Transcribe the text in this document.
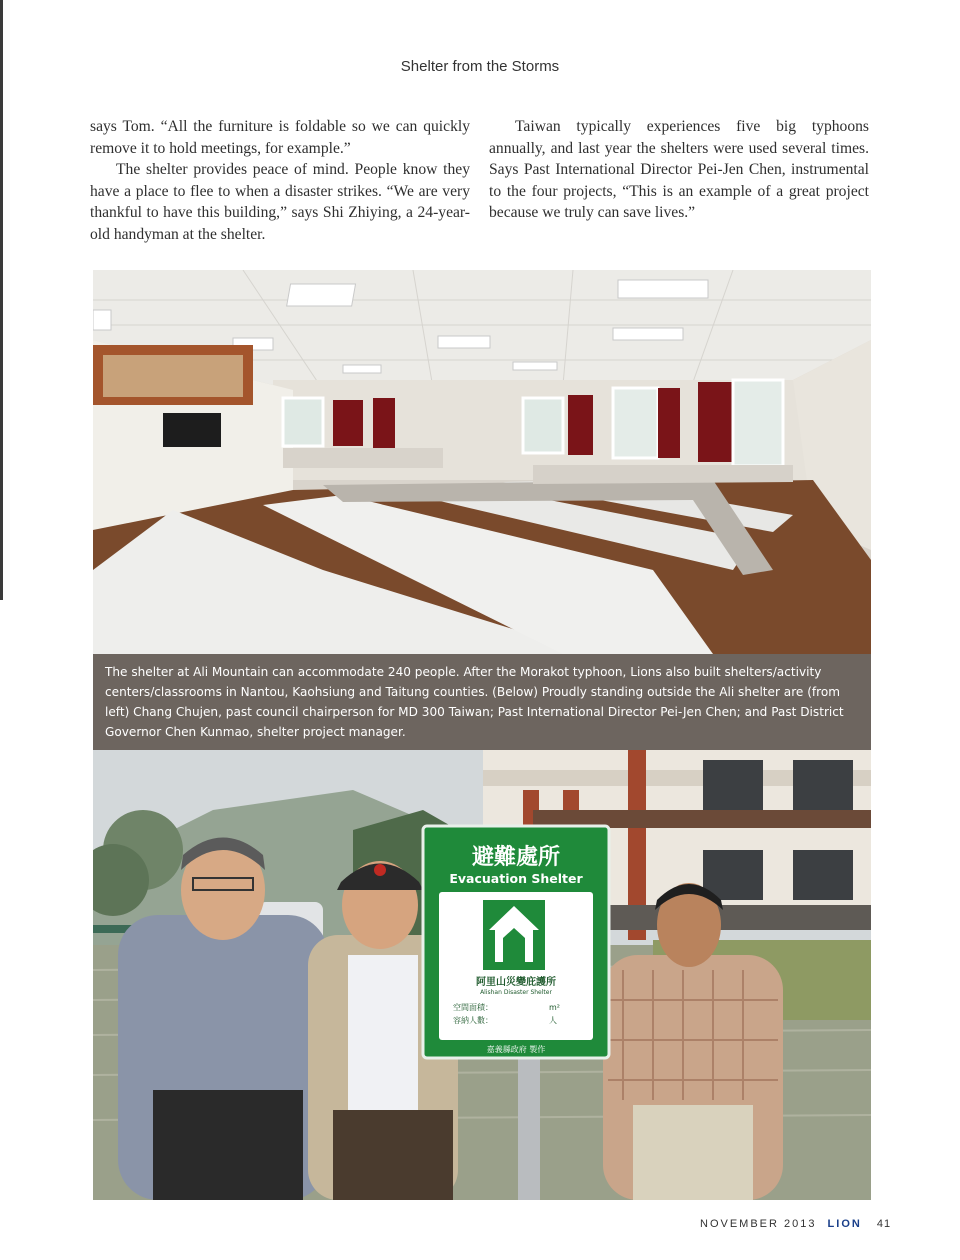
Shelter from the Storms

says Tom. “All the furniture is foldable so we can quickly remove it to hold meetings, for example.”

The shelter provides peace of mind. People know they have a place to flee to when a disaster strikes. “We are very thankful to have this building,” says Shi Zhiying, a 24-year-old handyman at the shelter.

Taiwan typically experiences five big typhoons annually, and last year the shelters were used several times. Says Past International Director Pei-Jen Chen, instrumental to the four projects, “This is an example of a great project because we truly can save lives.”

The shelter at Ali Mountain can accommodate 240 people. After the Morakot typhoon, Lions also built shelters/activity centers/classrooms in Nantou, Kaohsiung and Taitung counties. (Below) Proudly standing outside the Ali shelter are (from left) Chang Chujen, past council chairperson for MD 300 Taiwan; Past International Director Pei-Jen Chen; and Past District Governor Chen Kunmao, shelter project manager.
避難處所
Evacuation Shelter
阿里山災變庇護所
Alishan Disaster Shelter
空間面積：	m²
容納人數：	人
嘉義縣政府 製作
NOVEMBER 2013 LION 41
